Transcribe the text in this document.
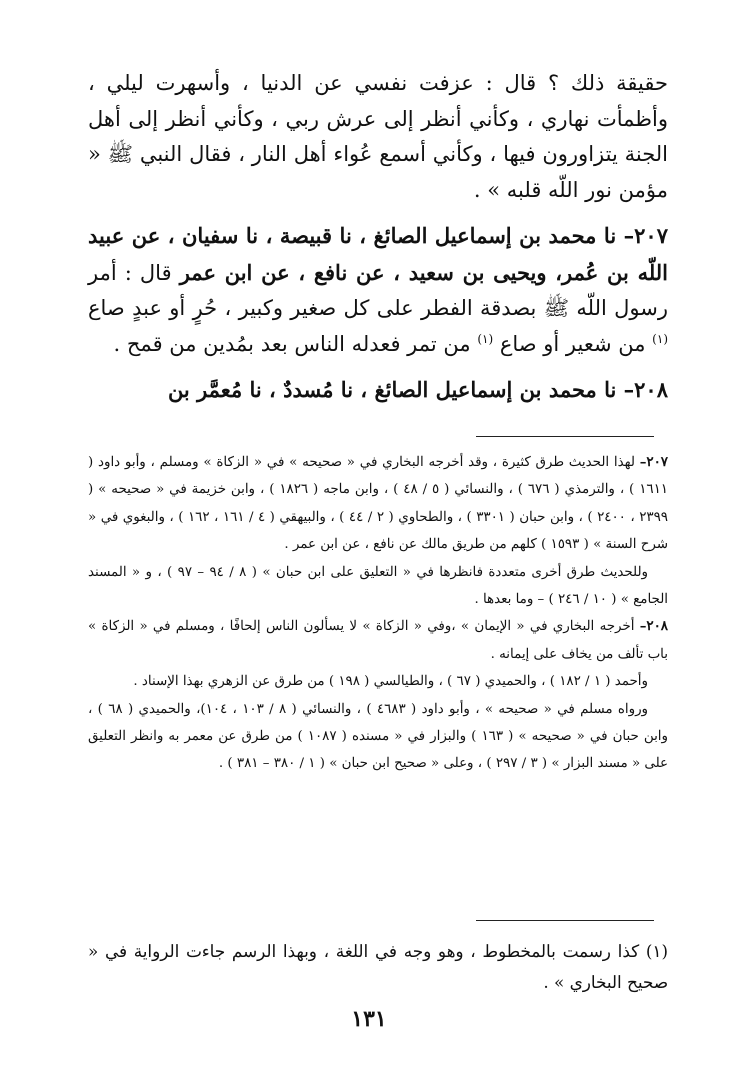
حقيقة ذلك ؟ قال : عزفت نفسي عن الدنيا ، وأسهرت ليلي ، وأظمأت نهاري ، وكأني أنظر إلى عرش ربي ، وكأني أنظر إلى أهل الجنة يتزاورون فيها ، وكأني أسمع عُواء أهل النار ، فقال النبي ﷺ « مؤمن نور اللّه قلبه » .

٢٠٧– نا محمد بن إسماعيل الصائغ ، نا قبيصة ، نا سفيان ، عن عبيد اللّه بن عُمر، ويحيى بن سعيد ، عن نافع ، عن ابن عمر قال : أمر رسول اللّه ﷺ بصدقة الفطر على كل صغير وكبير ، حُرٍ أو عبدٍ صاع $^{(١)}$ من شعير أو صاع $^{(١)}$ من تمر فعدله الناس بعد بمُدين من قمح .

٢٠٨– نا محمد بن إسماعيل الصائغ ، نا مُسددٌ ، نا مُعمَّر بن

٢٠٧– لهذا الحديث طرق كثيرة ، وقد أخرجه البخاري في « صحيحه » في « الزكاة » ومسلم ، وأبو داود ( ١٦١١ ) ، والترمذي ( ٦٧٦ ) ، والنسائي ( ٥ / ٤٨ ) ، وابن ماجه ( ١٨٢٦ ) ، وابن خزيمة في « صحيحه » ( ٢٣٩٩ ، ٢٤٠٠ ) ، وابن حبان ( ٣٣٠١ ) ، والطحاوي ( ٢ / ٤٤ ) ، والبيهقي ( ٤ / ١٦١ ، ١٦٢ ) ، والبغوي في « شرح السنة » ( ١٥٩٣ ) كلهم من طريق مالك عن نافع ، عن ابن عمر .

وللحديث طرق أخرى متعددة فانظرها في « التعليق على ابن حبان » ( ٨ / ٩٤ – ٩٧ ) ، و « المسند الجامع » ( ١٠ / ٢٤٦ ) – وما بعدها .

٢٠٨– أخرجه البخاري في « الإيمان » ،وفي « الزكاة » لا يسألون الناس إلحافًا ، ومسلم في « الزكاة » باب تألف من يخاف على إيمانه .

وأحمد ( ١ / ١٨٢ ) ، والحميدي ( ٦٧ ) ، والطيالسي ( ١٩٨ ) من طرق عن الزهري بهذا الإسناد .

ورواه مسلم في « صحيحه » ، وأبو داود ( ٤٦٨٣ ) ، والنسائي ( ٨ / ١٠٣ ، ١٠٤)، والحميدي ( ٦٨ ) ، وابن حبان في « صحيحه » ( ١٦٣ ) والبزار في « مسنده ( ١٠٨٧ ) من طرق عن معمر به وانظر التعليق على « مسند البزار » ( ٣ / ٢٩٧ ) ، وعلى « صحيح ابن حبان » ( ١ / ٣٨٠ – ٣٨١ ) .

(١) كذا رسمت بالمخطوط ، وهو وجه في اللغة ، وبهذا الرسم جاءت الرواية في « صحيح البخاري » .

١٣١
